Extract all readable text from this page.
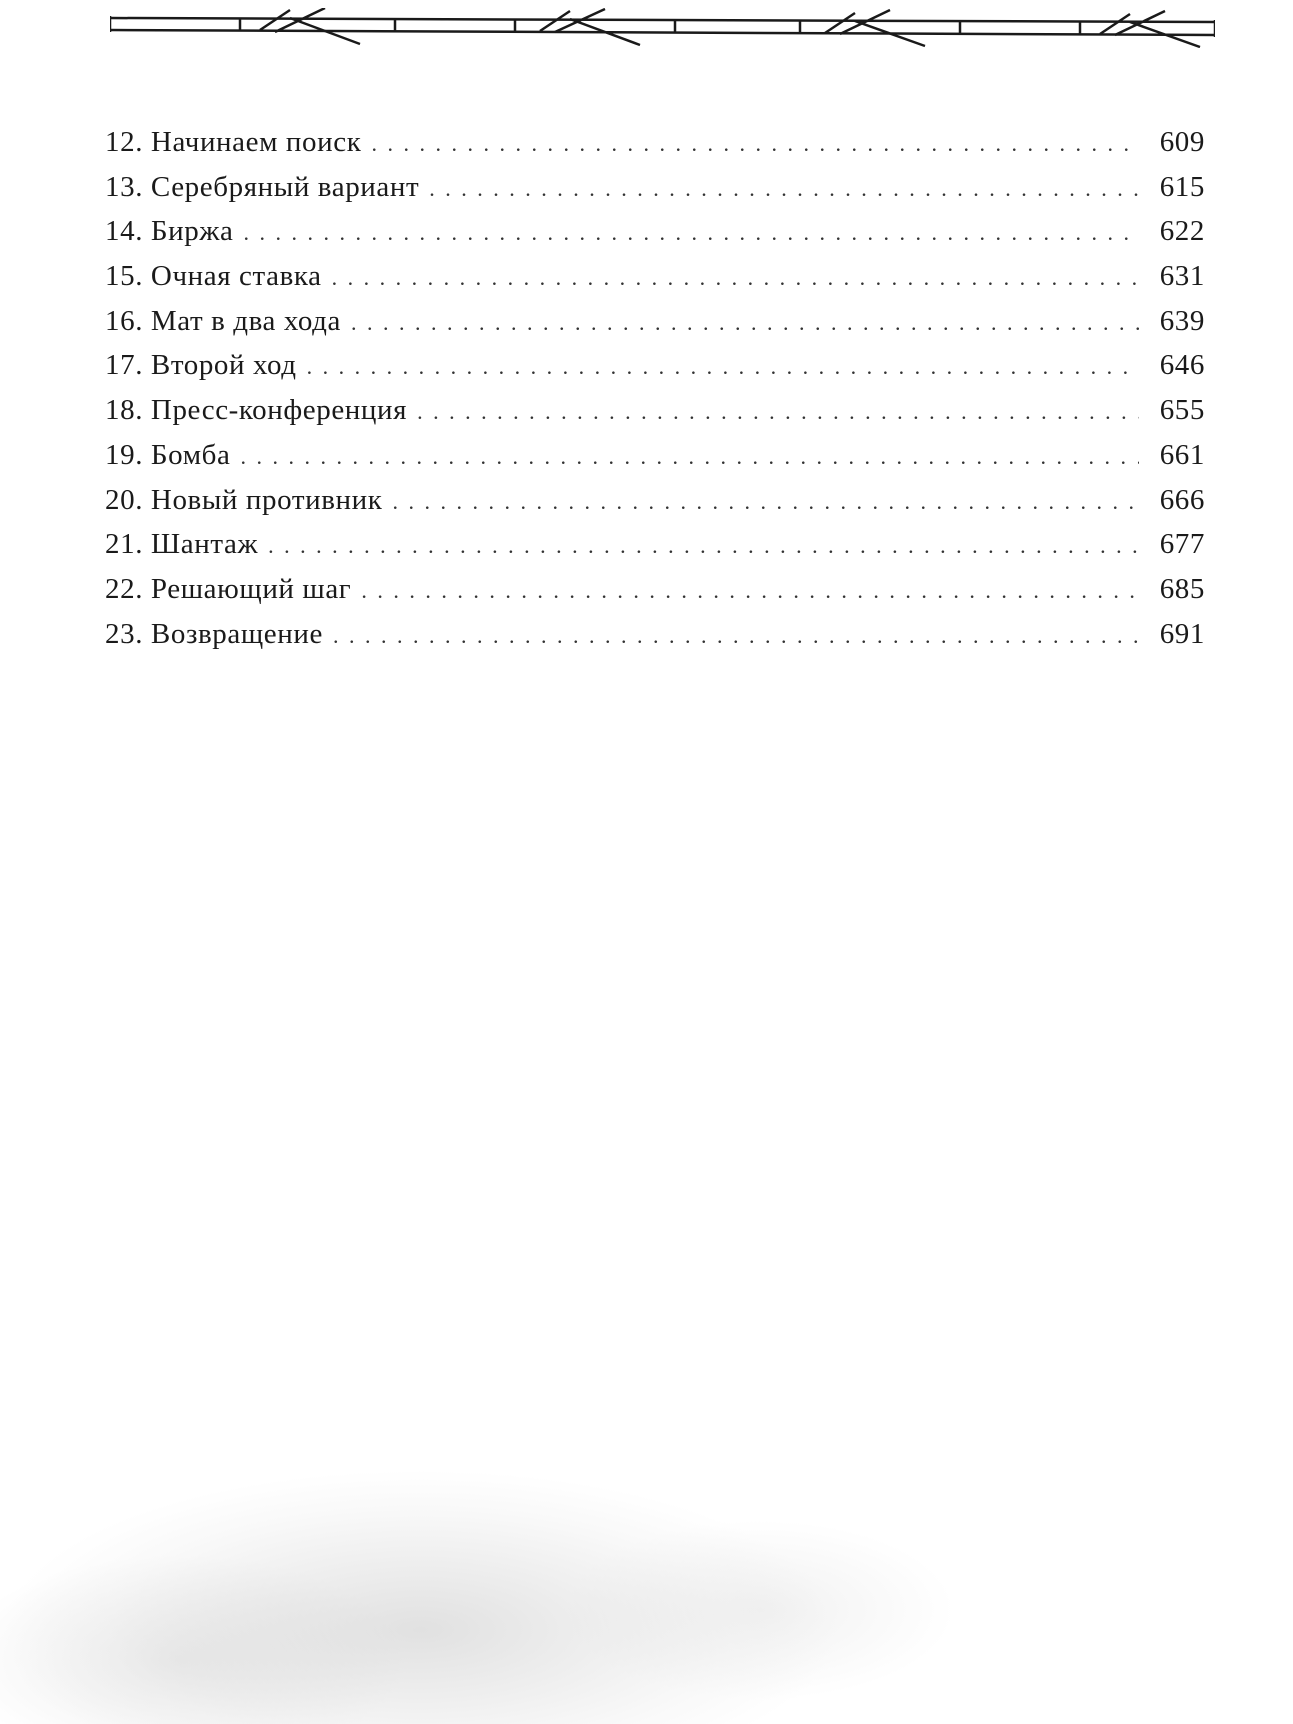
12. Начинаем поиск . . .	609
13. Серебряный вариант . . .	615
14. Биржа . . .	622
15. Очная ставка . . .	631
16. Мат в два хода . . .	639
17. Второй ход . . .	646
18. Пресс-конференция . . .	655
19. Бомба . . .	661
20. Новый противник . . .	666
21. Шантаж . . .	677
22. Решающий шаг . . .	685
23. Возвращение . . .	691
